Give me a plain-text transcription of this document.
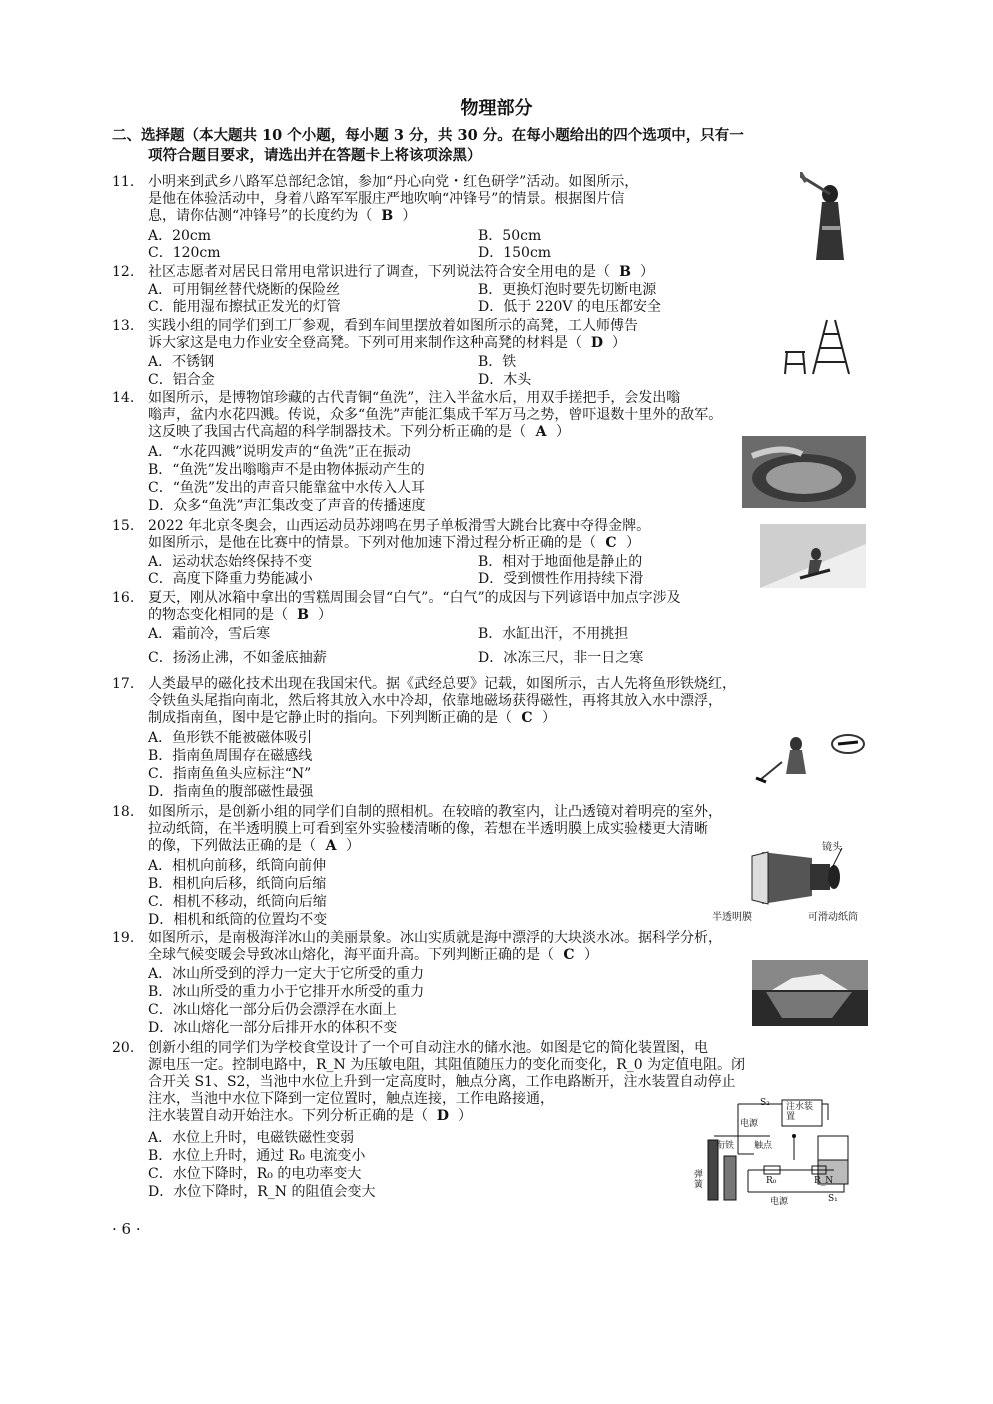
物理部分
二、选择题（本大题共 10 个小题，每小题 3 分，共 30 分。在每小题给出的四个选项中，只有一
项符合题目要求，请选出并在答题卡上将该项涂黑）
11. 小明来到武乡八路军总部纪念馆，参加“丹心向党・红色研学”活动。如图所示，
是他在体验活动中，身着八路军军服庄严地吹响“冲锋号”的情景。根据图片信
息，请你估测“冲锋号”的长度约为（ B ）
A．20cm	B．50cm
C．120cm	D．150cm
12. 社区志愿者对居民日常用电常识进行了调查，下列说法符合安全用电的是（ B ）
A．可用铜丝替代烧断的保险丝	B．更换灯泡时要先切断电源
C．能用湿布擦拭正发光的灯管	D．低于 220V 的电压都安全
13. 实践小组的同学们到工厂参观，看到车间里摆放着如图所示的高凳，工人师傅告
诉大家这是电力作业安全登高凳。下列可用来制作这种高凳的材料是（ D ）
A．不锈钢	B．铁
C．铝合金	D．木头
14. 如图所示，是博物馆珍藏的古代青铜“鱼洗”，注入半盆水后，用双手搓把手，会发出嗡
嗡声，盆内水花四溅。传说，众多“鱼洗”声能汇集成千军万马之势，曾吓退数十里外的敌军。
这反映了我国古代高超的科学制器技术。下列分析正确的是（ A ）
A．“水花四溅”说明发声的“鱼洗”正在振动
B．“鱼洗”发出嗡嗡声不是由物体振动产生的
C．“鱼洗”发出的声音只能靠盆中水传入人耳
D．众多“鱼洗”声汇集改变了声音的传播速度
15. 2022 年北京冬奥会，山西运动员苏翊鸣在男子单板滑雪大跳台比赛中夺得金牌。
如图所示，是他在比赛中的情景。下列对他加速下滑过程分析正确的是（ C ）
A．运动状态始终保持不变	B．相对于地面他是静止的
C．高度下降重力势能减小	D．受到惯性作用持续下滑
16. 夏天，刚从冰箱中拿出的雪糕周围会冒“白气”。“白气”的成因与下列谚语中加点字涉及
的物态变化相同的是（ B ）
A．霜前冷，雪后寒	B．水缸出汗，不用挑担
C．扬汤止沸，不如釜底抽薪	D．冰冻三尺，非一日之寒
17. 人类最早的磁化技术出现在我国宋代。据《武经总要》记载，如图所示，古人先将鱼形铁烧红，
令铁鱼头尾指向南北，然后将其放入水中冷却，依靠地磁场获得磁性，再将其放入水中漂浮，
制成指南鱼，图中是它静止时的指向。下列判断正确的是（ C ）
A．鱼形铁不能被磁体吸引
B．指南鱼周围存在磁感线
C．指南鱼鱼头应标注“N”
D．指南鱼的腹部磁性最强
18. 如图所示，是创新小组的同学们自制的照相机。在较暗的教室内，让凸透镜对着明亮的室外，
拉动纸筒，在半透明膜上可看到室外实验楼清晰的像，若想在半透明膜上成实验楼更大清晰
的像，下列做法正确的是（ A ）
A．相机向前移，纸筒向前伸
B．相机向后移，纸筒向后缩
C．相机不移动，纸筒向后缩
D．相机和纸筒的位置均不变
镜头
半透明膜	可滑动纸筒
19. 如图所示，是南极海洋冰山的美丽景象。冰山实质就是海中漂浮的大块淡水冰。据科学分析，
全球气候变暖会导致冰山熔化，海平面升高。下列判断正确的是（ C ）
A．冰山所受到的浮力一定大于它所受的重力
B．冰山所受的重力小于它排开水所受的重力
C．冰山熔化一部分后仍会漂浮在水面上
D．冰山熔化一部分后排开水的体积不变
20. 创新小组的同学们为学校食堂设计了一个可自动注水的储水池。如图是它的简化装置图，电
源电压一定。控制电路中，R_N 为压敏电阻，其阻值随压力的变化而变化，R_0 为定值电阻。闭
合开关 S1、S2，当池中水位上升到一定高度时，触点分离，工作电路断开，注水装置自动停止
注水，当池中水位下降到一定位置时，触点连接，工作电路接通，
注水装置自动开始注水。下列分析正确的是（ D ）
A．水位上升时，电磁铁磁性变弱
B．水位上升时，通过 R₀ 电流变小
C．水位下降时，R₀ 的电功率变大
D．水位下降时，R_N 的阻值会变大
电源
S₂ 注水装置
衔铁 触点
弹簧	R₀	R_N
电源	S₁
· 6 ·
